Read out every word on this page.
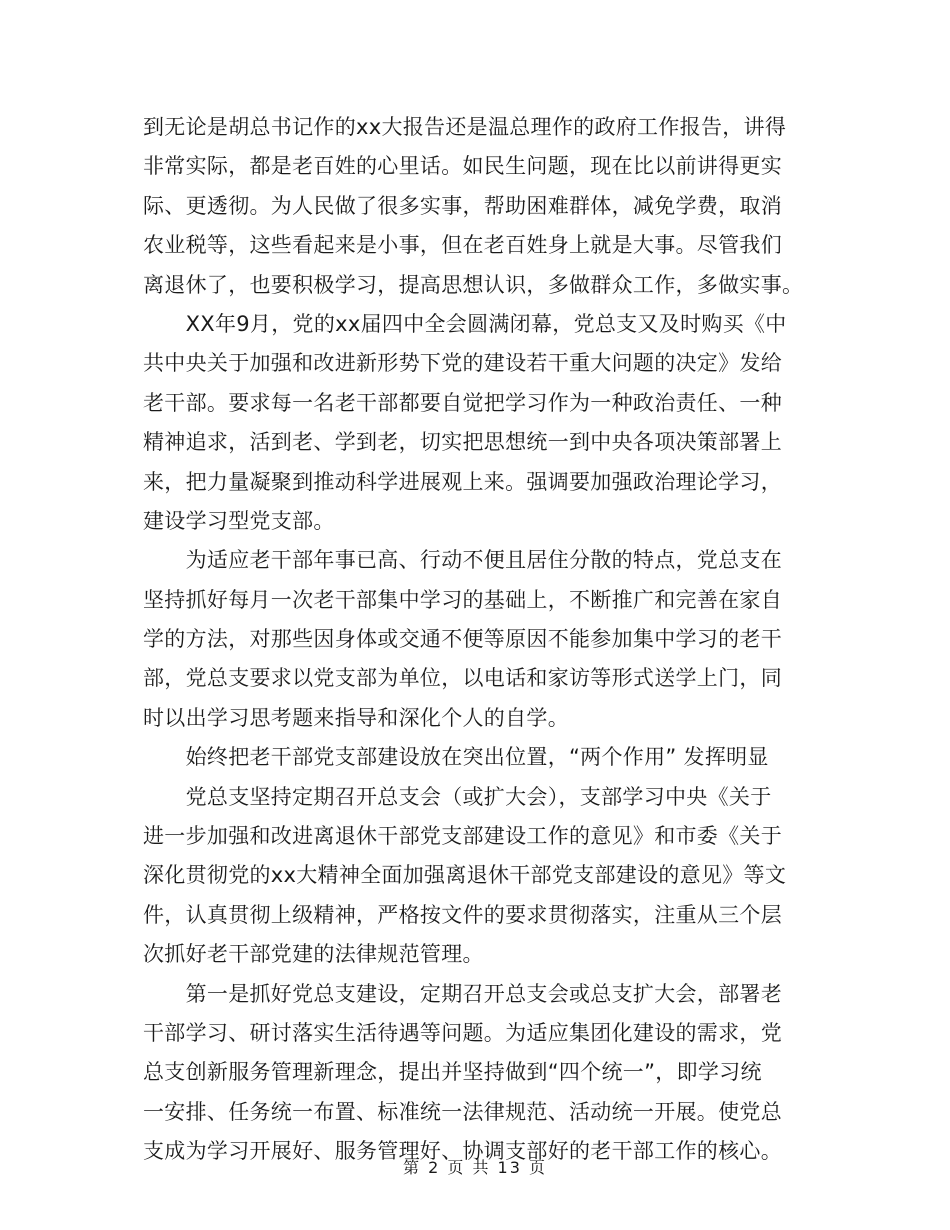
到无论是胡总书记作的xx大报告还是温总理作的政府工作报告，讲得
非常实际，都是老百姓的心里话。如民生问题，现在比以前讲得更实
际、更透彻。为人民做了很多实事，帮助困难群体，减免学费，取消
农业税等，这些看起来是小事，但在老百姓身上就是大事。尽管我们
离退休了，也要积极学习，提高思想认识，多做群众工作，多做实事。
　　XX年9月，党的xx届四中全会圆满闭幕，党总支又及时购买《中
共中央关于加强和改进新形势下党的建设若干重大问题的决定》发给
老干部。要求每一名老干部都要自觉把学习作为一种政治责任、一种
精神追求，活到老、学到老，切实把思想统一到中央各项决策部署上
来，把力量凝聚到推动科学进展观上来。强调要加强政治理论学习，
建设学习型党支部。
　　为适应老干部年事已高、行动不便且居住分散的特点，党总支在
坚持抓好每月一次老干部集中学习的基础上，不断推广和完善在家自
学的方法，对那些因身体或交通不便等原因不能参加集中学习的老干
部，党总支要求以党支部为单位，以电话和家访等形式送学上门，同
时以出学习思考题来指导和深化个人的自学。
　　始终把老干部党支部建设放在突出位置，“两个作用” 发挥明显
　　党总支坚持定期召开总支会（或扩大会），支部学习中央《关于
进一步加强和改进离退休干部党支部建设工作的意见》和市委《关于
深化贯彻党的xx大精神全面加强离退休干部党支部建设的意见》等文
件，认真贯彻上级精神，严格按文件的要求贯彻落实，注重从三个层
次抓好老干部党建的法律规范管理。
　　第一是抓好党总支建设，定期召开总支会或总支扩大会，部署老
干部学习、研讨落实生活待遇等问题。为适应集团化建设的需求，党
总支创新服务管理新理念，提出并坚持做到“四个统一”，即学习统
一安排、任务统一布置、标准统一法律规范、活动统一开展。使党总
支成为学习开展好、服务管理好、协调支部好的老干部工作的核心。
第 2 页 共 13 页
